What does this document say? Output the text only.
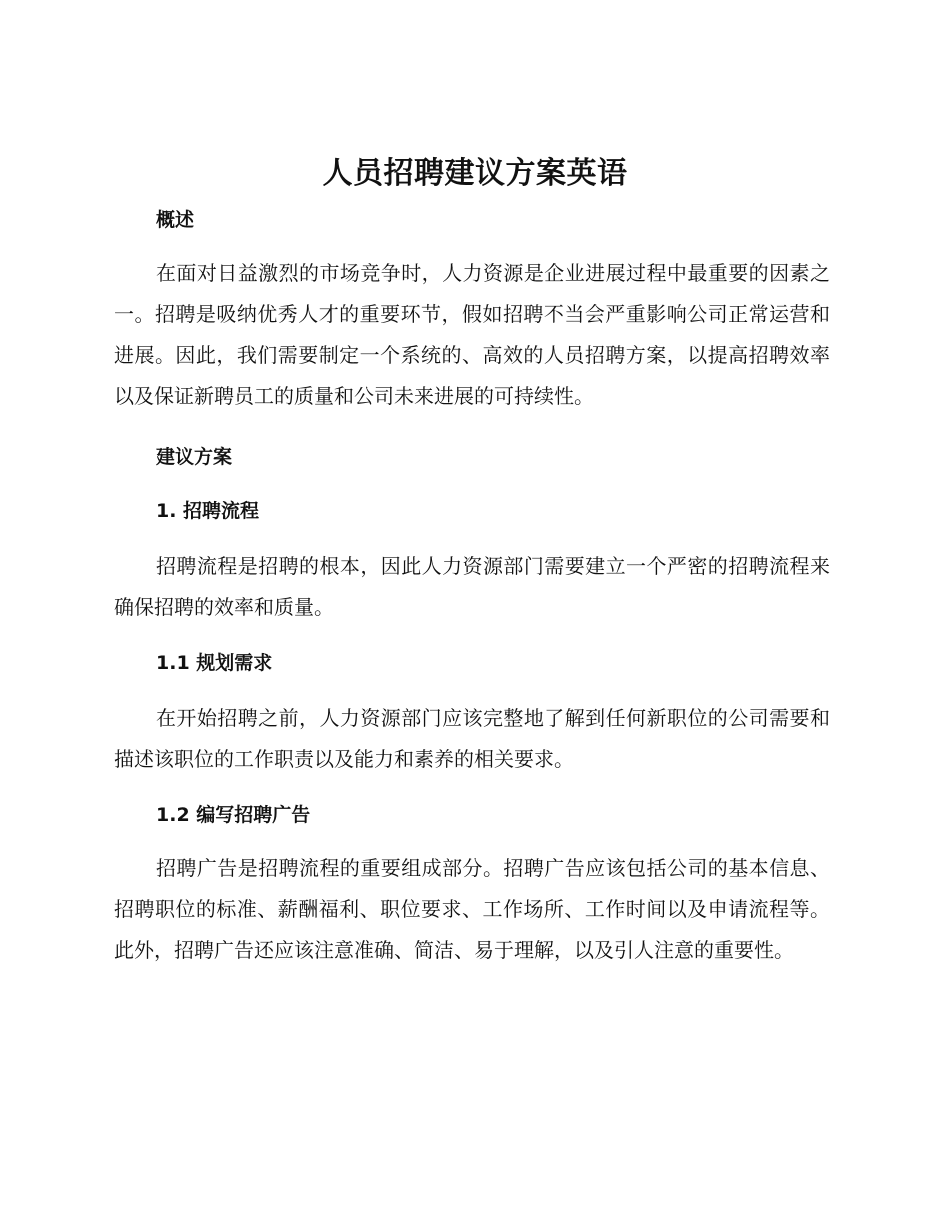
人员招聘建议方案英语
概述

在面对日益激烈的市场竞争时，人力资源是企业进展过程中最重要的因素之一。招聘是吸纳优秀人才的重要环节，假如招聘不当会严重影响公司正常运营和进展。因此，我们需要制定一个系统的、高效的人员招聘方案，以提高招聘效率以及保证新聘员工的质量和公司未来进展的可持续性。

建议方案
1. 招聘流程

招聘流程是招聘的根本，因此人力资源部门需要建立一个严密的招聘流程来确保招聘的效率和质量。

1.1 规划需求

在开始招聘之前，人力资源部门应该完整地了解到任何新职位的公司需要和描述该职位的工作职责以及能力和素养的相关要求。

1.2 编写招聘广告

招聘广告是招聘流程的重要组成部分。招聘广告应该包括公司的基本信息、招聘职位的标准、薪酬福利、职位要求、工作场所、工作时间以及申请流程等。此外，招聘广告还应该注意准确、简洁、易于理解，以及引人注意的重要性。
